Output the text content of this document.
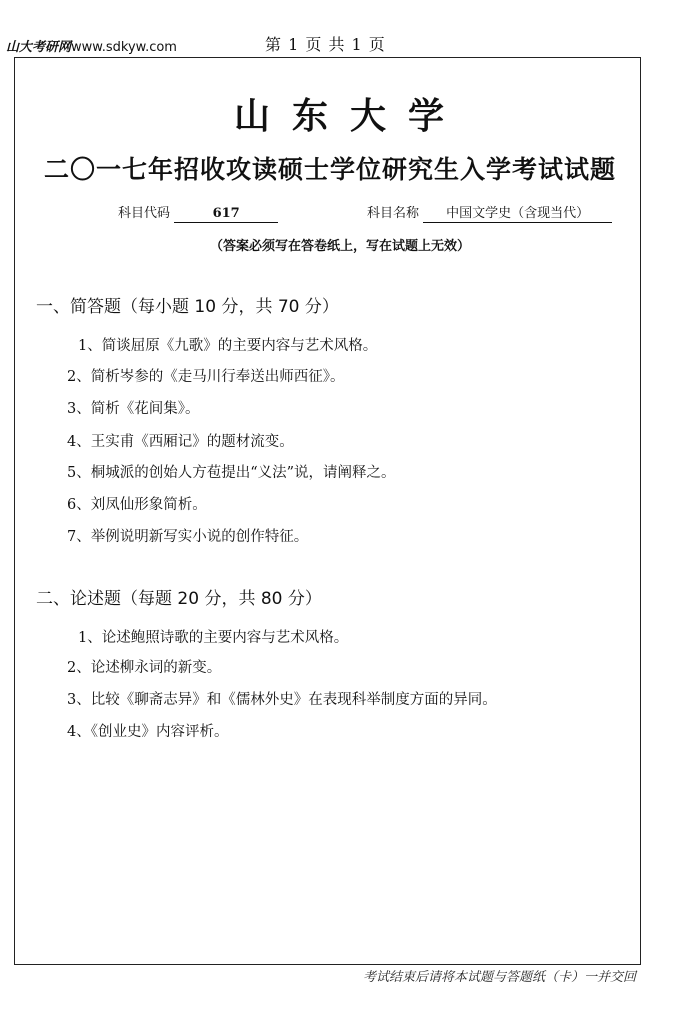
山大考研网www.sdkyw.com	第 1 页 共 1 页
山东大学
二〇一七年招收攻读硕士学位研究生入学考试试题
科目代码	617	科目名称 中国文学史（含现当代）
（答案必须写在答卷纸上，写在试题上无效）
一、简答题（每小题 10 分，共 70 分）
1、简谈屈原《九歌》的主要内容与艺术风格。
2、简析岑参的《走马川行奉送出师西征》。
3、简析《花间集》。
4、王实甫《西厢记》的题材流变。
5、桐城派的创始人方苞提出“义法”说，请阐释之。
6、刘凤仙形象简析。
7、举例说明新写实小说的创作特征。
二、论述题（每题 20 分，共 80 分）
1、论述鲍照诗歌的主要内容与艺术风格。
2、论述柳永词的新变。
3、比较《聊斋志异》和《儒林外史》在表现科举制度方面的异同。
4、《创业史》内容评析。
考试结束后请将本试题与答题纸（卡）一并交回
